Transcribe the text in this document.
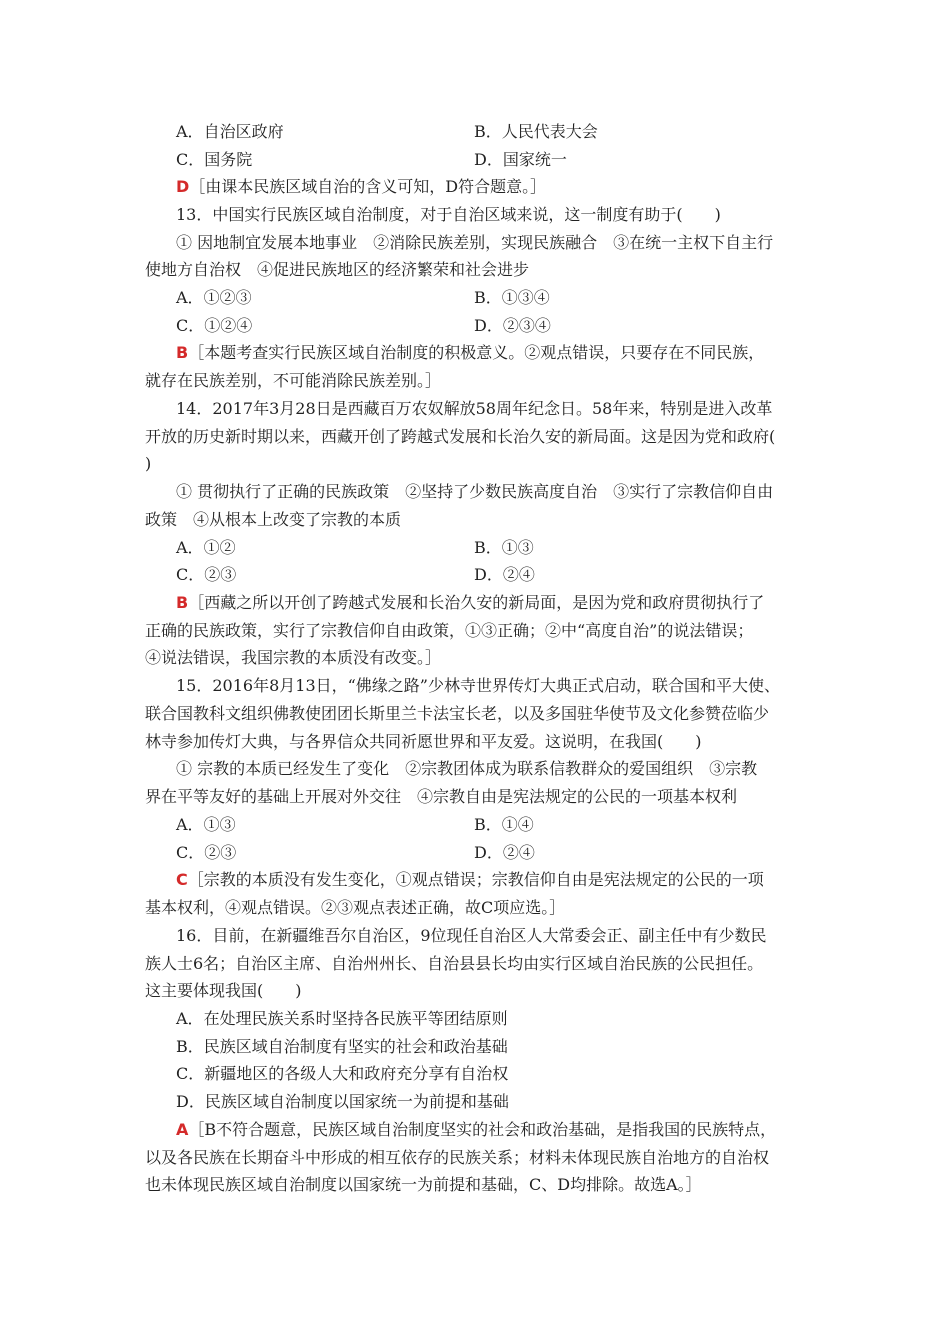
A．自治区政府	B．人民代表大会
C．国务院	D．国家统一
D［由课本民族区域自治的含义可知，D符合题意。］
13．中国实行民族区域自治制度，对于自治区域来说，这一制度有助于(　　)
① 因地制宜发展本地事业　②消除民族差别，实现民族融合　③在统一主权下自主行
使地方自治权　④促进民族地区的经济繁荣和社会进步
A．①②③	B．①③④
C．①②④	D．②③④
B［本题考查实行民族区域自治制度的积极意义。②观点错误，只要存在不同民族，
就存在民族差别，不可能消除民族差别。］
14．2017年3月28日是西藏百万农奴解放58周年纪念日。58年来，特别是进入改革
开放的历史新时期以来，西藏开创了跨越式发展和长治久安的新局面。这是因为党和政府(
)
① 贯彻执行了正确的民族政策　②坚持了少数民族高度自治　③实行了宗教信仰自由
政策　④从根本上改变了宗教的本质
A．①②	B．①③
C．②③	D．②④
B［西藏之所以开创了跨越式发展和长治久安的新局面，是因为党和政府贯彻执行了
正确的民族政策，实行了宗教信仰自由政策，①③正确；②中“高度自治”的说法错误；
④说法错误，我国宗教的本质没有改变。］
15．2016年8月13日，“佛缘之路”少林寺世界传灯大典正式启动，联合国和平大使、
联合国教科文组织佛教使团团长斯里兰卡法宝长老，以及多国驻华使节及文化参赞莅临少
林寺参加传灯大典，与各界信众共同祈愿世界和平友爱。这说明，在我国(　　)
① 宗教的本质已经发生了变化　②宗教团体成为联系信教群众的爱国组织　③宗教
界在平等友好的基础上开展对外交往　④宗教自由是宪法规定的公民的一项基本权利
A．①③	B．①④
C．②③	D．②④
C［宗教的本质没有发生变化，①观点错误；宗教信仰自由是宪法规定的公民的一项
基本权利，④观点错误。②③观点表述正确，故C项应选。］
16．目前，在新疆维吾尔自治区，9位现任自治区人大常委会正、副主任中有少数民
族人士6名；自治区主席、自治州州长、自治县县长均由实行区域自治民族的公民担任。
这主要体现我国(　　)
A．在处理民族关系时坚持各民族平等团结原则
B．民族区域自治制度有坚实的社会和政治基础
C．新疆地区的各级人大和政府充分享有自治权
D．民族区域自治制度以国家统一为前提和基础
A［B不符合题意，民族区域自治制度坚实的社会和政治基础，是指我国的民族特点，
以及各民族在长期奋斗中形成的相互依存的民族关系；材料未体现民族自治地方的自治权
也未体现民族区域自治制度以国家统一为前提和基础，C、D均排除。故选A。］
